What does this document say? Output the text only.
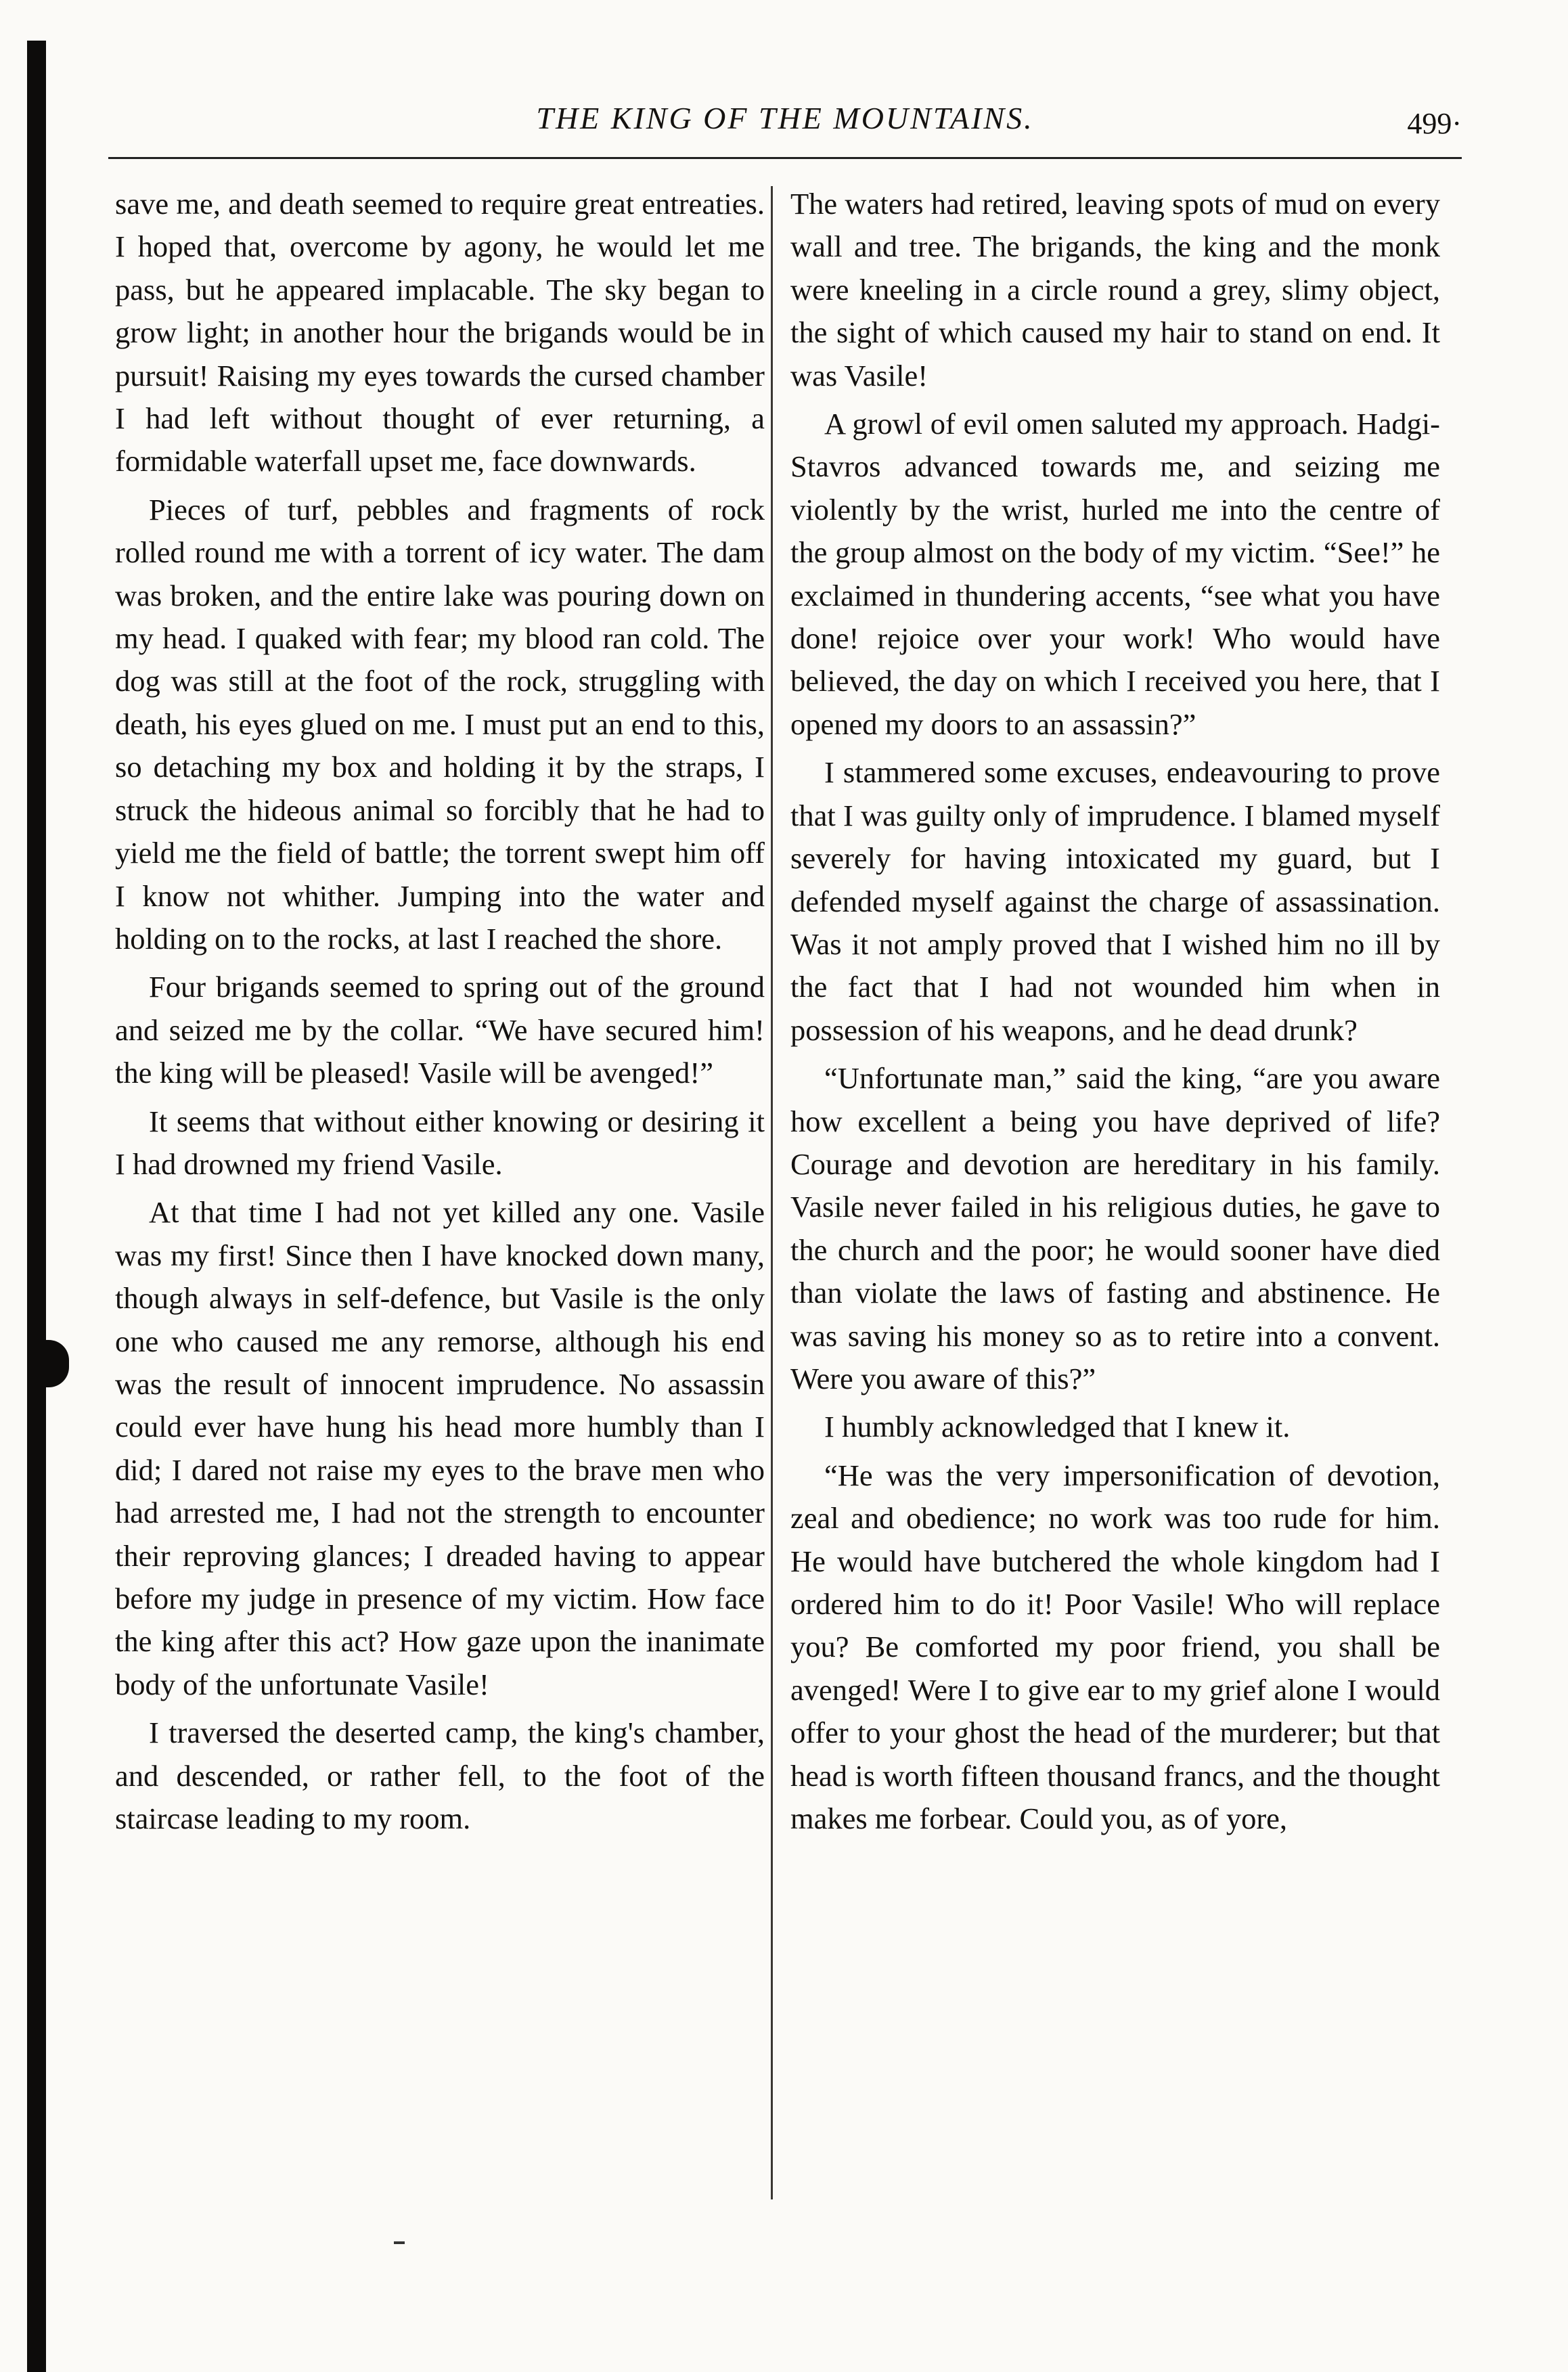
THE KING OF THE MOUNTAINS.	499·

save me, and death seemed to require great entreaties. I hoped that, overcome by agony, he would let me pass, but he appeared implacable. The sky began to grow light; in another hour the brigands would be in pursuit! Raising my eyes towards the cursed chamber I had left without thought of ever returning, a formidable waterfall upset me, face downwards.

Pieces of turf, pebbles and fragments of rock rolled round me with a torrent of icy water. The dam was broken, and the entire lake was pouring down on my head. I quaked with fear; my blood ran cold. The dog was still at the foot of the rock, struggling with death, his eyes glued on me. I must put an end to this, so detaching my box and holding it by the straps, I struck the hideous animal so forcibly that he had to yield me the field of battle; the torrent swept him off I know not whither. Jumping into the water and holding on to the rocks, at last I reached the shore.

Four brigands seemed to spring out of the ground and seized me by the collar. “We have secured him! the king will be pleased! Vasile will be avenged!”

It seems that without either knowing or desiring it I had drowned my friend Vasile.

At that time I had not yet killed any one. Vasile was my first! Since then I have knocked down many, though always in self-defence, but Vasile is the only one who caused me any remorse, although his end was the result of innocent imprudence. No assassin could ever have hung his head more humbly than I did; I dared not raise my eyes to the brave men who had arrested me, I had not the strength to encounter their reproving glances; I dreaded having to appear before my judge in presence of my victim. How face the king after this act? How gaze upon the inanimate body of the unfortunate Vasile!

I traversed the deserted camp, the king's chamber, and descended, or rather fell, to the foot of the staircase leading to my room.

The waters had retired, leaving spots of mud on every wall and tree. The brigands, the king and the monk were kneeling in a circle round a grey, slimy object, the sight of which caused my hair to stand on end. It was Vasile!

A growl of evil omen saluted my approach. Hadgi-Stavros advanced towards me, and seizing me violently by the wrist, hurled me into the centre of the group almost on the body of my victim. “See!” he exclaimed in thundering accents, “see what you have done! rejoice over your work! Who would have believed, the day on which I received you here, that I opened my doors to an assassin?”

I stammered some excuses, endeavouring to prove that I was guilty only of imprudence. I blamed myself severely for having intoxicated my guard, but I defended myself against the charge of assassination. Was it not amply proved that I wished him no ill by the fact that I had not wounded him when in possession of his weapons, and he dead drunk?

“Unfortunate man,” said the king, “are you aware how excellent a being you have deprived of life? Courage and devotion are hereditary in his family. Vasile never failed in his religious duties, he gave to the church and the poor; he would sooner have died than violate the laws of fasting and abstinence. He was saving his money so as to retire into a convent. Were you aware of this?”

I humbly acknowledged that I knew it.

“He was the very impersonification of devotion, zeal and obedience; no work was too rude for him. He would have butchered the whole kingdom had I ordered him to do it! Poor Vasile! Who will replace you? Be comforted my poor friend, you shall be avenged! Were I to give ear to my grief alone I would offer to your ghost the head of the murderer; but that head is worth fifteen thousand francs, and the thought makes me forbear. Could you, as of yore,
